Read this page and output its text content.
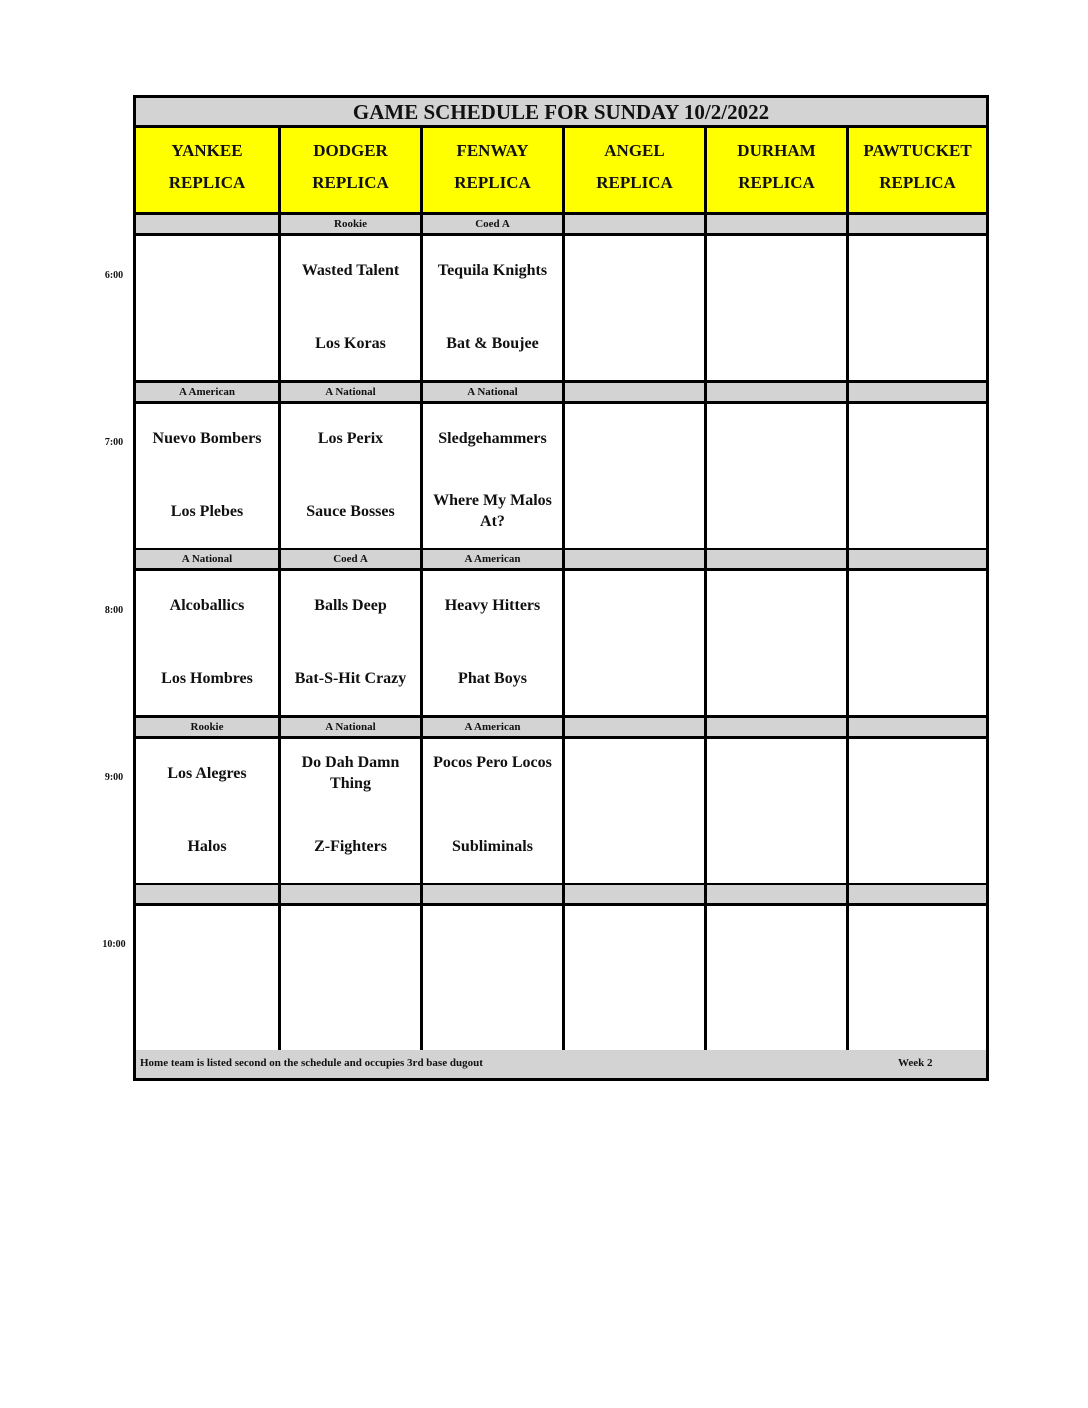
6:00
7:00
8:00
9:00
10:00
GAME SCHEDULE FOR SUNDAY 10/2/2022
YANKEE
REPLICA
DODGER
REPLICA
FENWAY
REPLICA
ANGEL
REPLICA
DURHAM
REPLICA
PAWTUCKET
REPLICA
Rookie
Wasted Talent
Los Koras
Coed A
Tequila Knights
Bat & Boujee
A American
Nuevo Bombers
Los Plebes
A National
Los Perix
Sauce Bosses
A National
Sledgehammers
Where My Malos At?
A National
Alcoballics
Los Hombres
Coed A
Balls Deep
Bat-S-Hit Crazy
A American
Heavy Hitters
Phat Boys
Rookie
Los Alegres
Halos
A National
Do Dah Damn Thing
Z-Fighters
A American
Pocos Pero Locos
Subliminals
Home team is listed second on the schedule and occupies 3rd base dugout	Week 2
